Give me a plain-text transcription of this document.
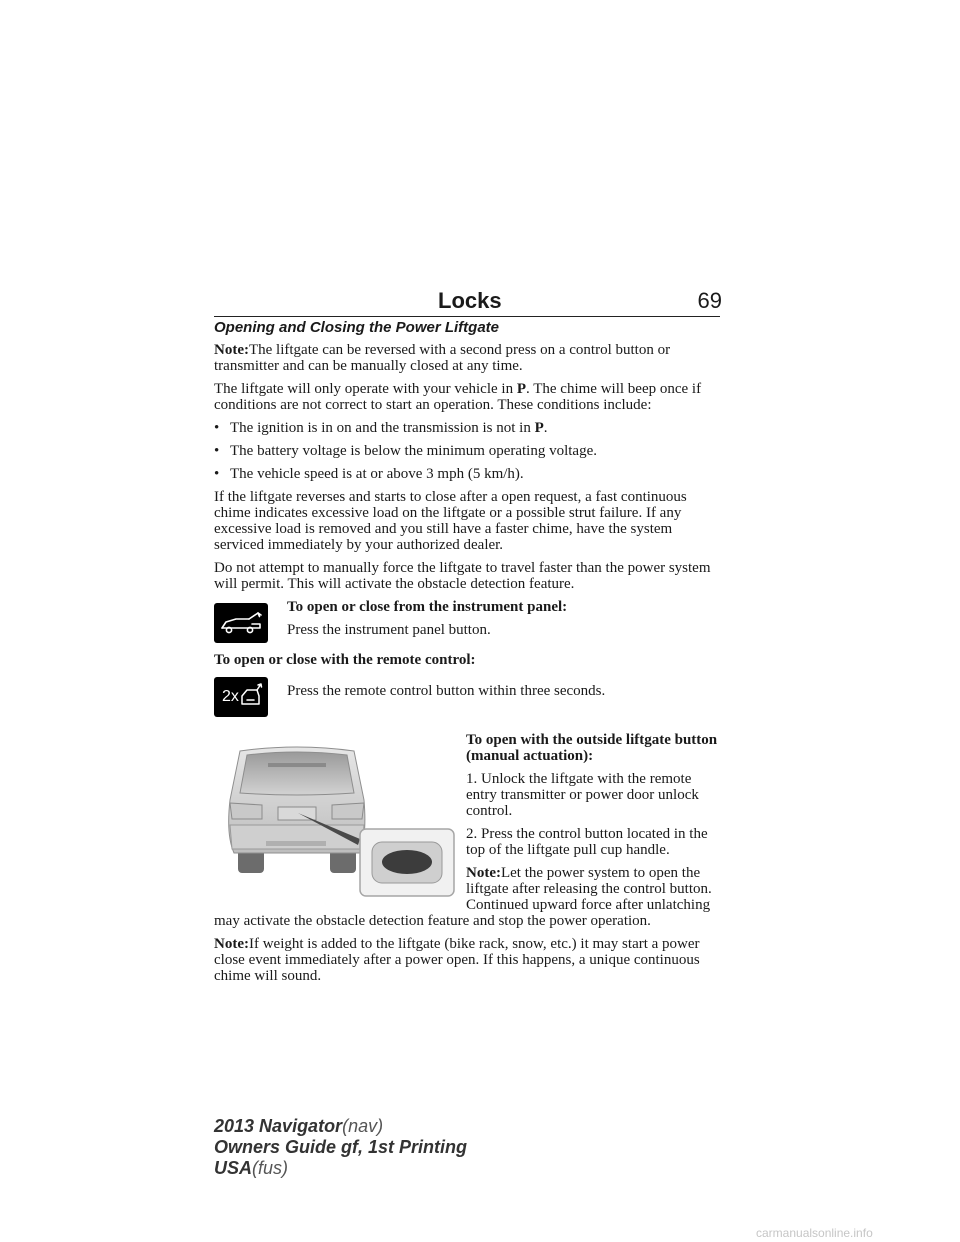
Locks	69
Opening and Closing the Power Liftgate

Note:The liftgate can be reversed with a second press on a control button or transmitter and can be manually closed at any time.

The liftgate will only operate with your vehicle in P. The chime will beep once if conditions are not correct to start an operation. These conditions include:

• The ignition is in on and the transmission is not in P.
• The battery voltage is below the minimum operating voltage.
• The vehicle speed is at or above 3 mph (5 km/h).

If the liftgate reverses and starts to close after a open request, a fast continuous chime indicates excessive load on the liftgate or a possible strut failure. If any excessive load is removed and you still have a faster chime, have the system serviced immediately by your authorized dealer.

Do not attempt to manually force the liftgate to travel faster than the power system will permit. This will activate the obstacle detection feature.

To open or close from the instrument panel:

Press the instrument panel button.

To open or close with the remote control:

2x	Press the remote control button within three seconds.

To open with the outside liftgate button (manual actuation):

1. Unlock the liftgate with the remote entry transmitter or power door unlock control.

2. Press the control button located in the top of the liftgate pull cup handle.

Note:Let the power system to open the liftgate after releasing the control button. Continued upward force after unlatching may activate the obstacle detection feature and stop the power operation.

Note:If weight is added to the liftgate (bike rack, snow, etc.) it may start a power close event immediately after a power open. If this happens, a unique continuous chime will sound.

2013 Navigator(nav)
Owners Guide gf, 1st Printing
USA(fus)
carmanualsonline.info
